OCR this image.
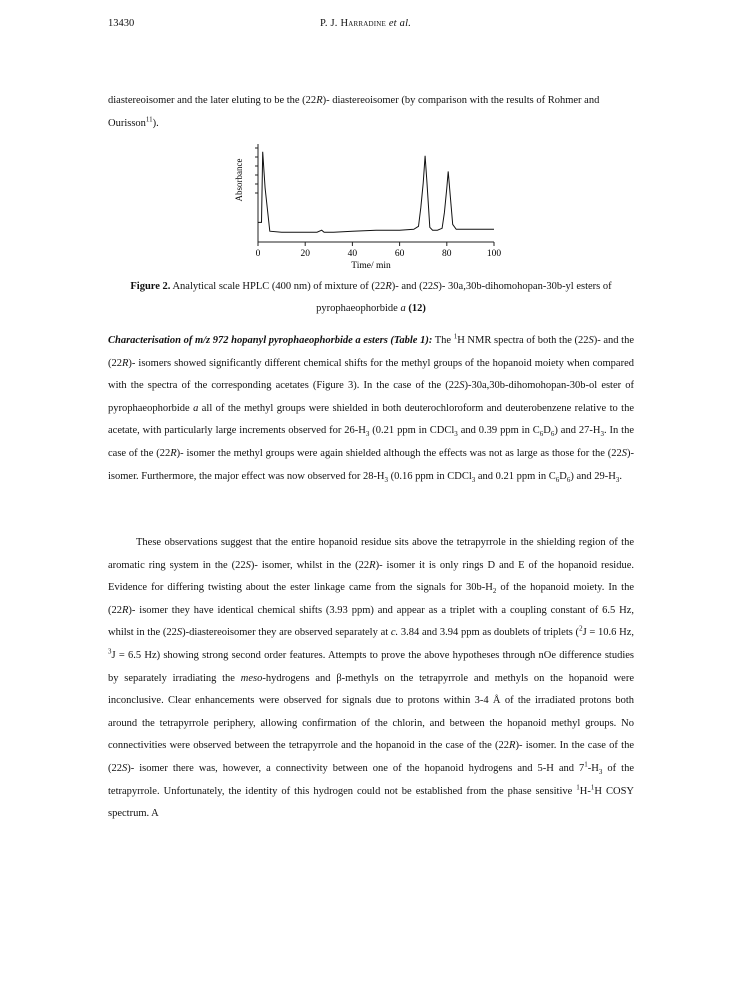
13430	P. J. Harradine et al.
diastereoisomer and the later eluting to be the (22R)- diastereoisomer (by comparison with the results of Rohmer and Ourisson$^{11}$).
0	20	40	60	80	100
Time/ min
Absorbance
Figure 2. Analytical scale HPLC (400 nm) of mixture of (22R)- and (22S)- 30a,30b-dihomohopan-30b-yl esters of pyrophaeophorbide a (12)
Characterisation of m/z 972 hopanyl pyrophaeophorbide a esters (Table 1): The $^1$H NMR spectra of both the (22S)- and the (22R)- isomers showed significantly different chemical shifts for the methyl groups of the hopanoid moiety when compared with the spectra of the corresponding acetates (Figure 3). In the case of the (22S)-30a,30b-dihomohopan-30b-ol ester of pyrophaeophorbide a all of the methyl groups were shielded in both deuterochloroform and deuterobenzene relative to the acetate, with particularly large increments observed for $26-H_3$ (0.21 ppm in CDCl$_3$ and 0.39 ppm in $C_6D_6$) and $27-H_3$. In the case of the (22R)- isomer the methyl groups were again shielded although the effects was not as large as those for the (22S)- isomer. Furthermore, the major effect was now observed for $28-H_3$ (0.16 ppm in CDCl$_3$ and 0.21 ppm in $C_6D_6$) and $29-H_3$.
These observations suggest that the entire hopanoid residue sits above the tetrapyrrole in the shielding region of the aromatic ring system in the (22S)- isomer, whilst in the (22R)- isomer it is only rings D and E of the hopanoid residue. Evidence for differing twisting about the ester linkage came from the signals for $30b-H_2$ of the hopanoid moiety. In the (22R)- isomer they have identical chemical shifts (3.93 ppm) and appear as a triplet with a coupling constant of 6.5 Hz, whilst in the (22S)-diastereoisomer they are observed separately at c. 3.84 and 3.94 ppm as doublets of triplets ($^2$J = 10.6 Hz, $^3$J = 6.5 Hz) showing strong second order features. Attempts to prove the above hypotheses through nOe difference studies by separately irradiating the meso-hydrogens and β-methyls on the tetrapyrrole and methyls on the hopanoid were inconclusive. Clear enhancements were observed for signals due to protons within 3-4 Å of the irradiated protons both around the tetrapyrrole periphery, allowing confirmation of the chlorin, and between the hopanoid methyl groups. No connectivities were observed between the tetrapyrrole and the hopanoid in the case of the (22R)- isomer. In the case of the (22S)- isomer there was, however, a connectivity between one of the hopanoid hydrogens and 5-H and $7^1-H_3$ of the tetrapyrrole. Unfortunately, the identity of this hydrogen could not be established from the phase sensitive $^1$H-$^1$H COSY spectrum. A
